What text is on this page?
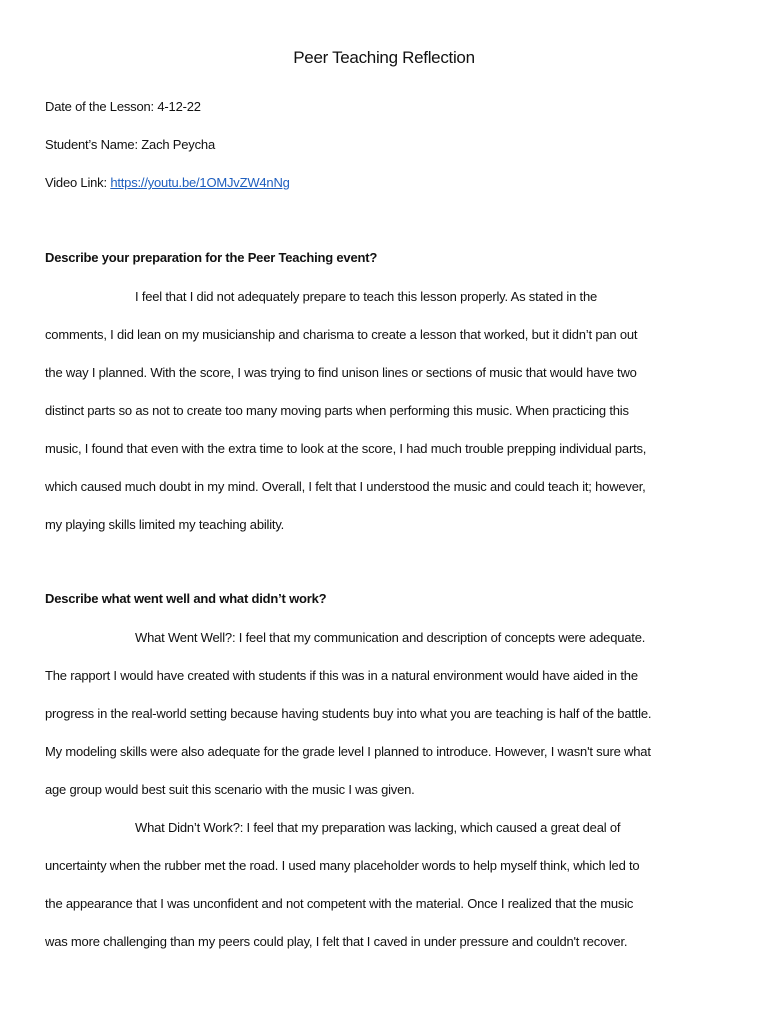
Peer Teaching Reflection
Date of the Lesson: 4-12-22
Student’s Name: Zach Peycha
Video Link: https://youtu.be/1OMJvZW4nNg

Describe your preparation for the Peer Teaching event?

I feel that I did not adequately prepare to teach this lesson properly. As stated in the
comments, I did lean on my musicianship and charisma to create a lesson that worked, but it didn’t pan out
the way I planned. With the score, I was trying to find unison lines or sections of music that would have two
distinct parts so as not to create too many moving parts when performing this music. When practicing this
music, I found that even with the extra time to look at the score, I had much trouble prepping individual parts,
which caused much doubt in my mind. Overall, I felt that I understood the music and could teach it; however,
my playing skills limited my teaching ability.

Describe what went well and what didn’t work?

What Went Well?: I feel that my communication and description of concepts were adequate.
The rapport I would have created with students if this was in a natural environment would have aided in the
progress in the real-world setting because having students buy into what you are teaching is half of the battle.
My modeling skills were also adequate for the grade level I planned to introduce. However, I wasn't sure what
age group would best suit this scenario with the music I was given.
What Didn’t Work?: I feel that my preparation was lacking, which caused a great deal of
uncertainty when the rubber met the road. I used many placeholder words to help myself think, which led to
the appearance that I was unconfident and not competent with the material. Once I realized that the music
was more challenging than my peers could play, I felt that I caved in under pressure and couldn't recover.
